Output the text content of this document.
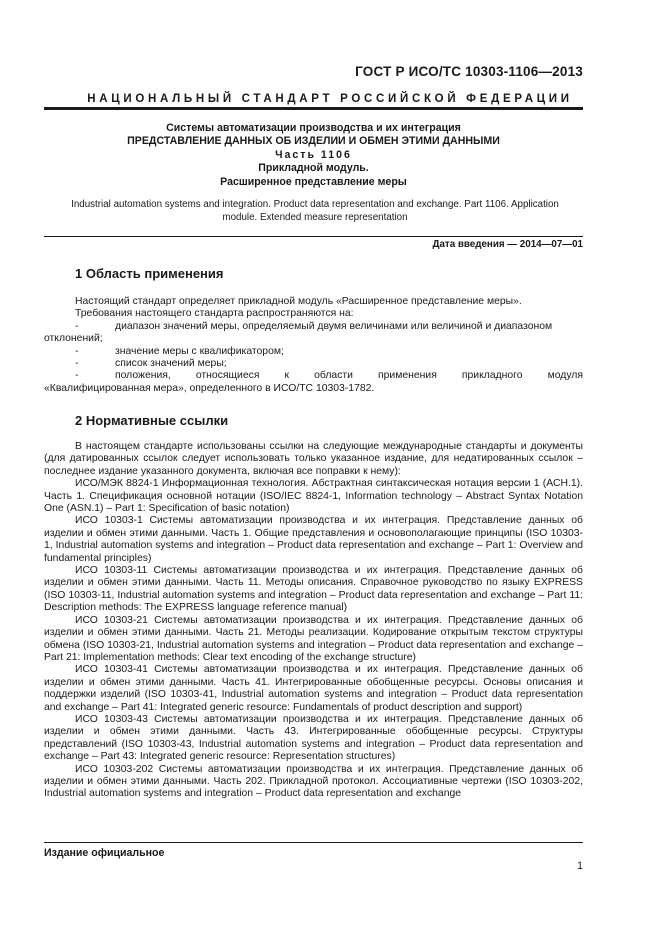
ГОСТ Р ИСО/ТС 10303-1106—2013
НАЦИОНАЛЬНЫЙ СТАНДАРТ РОССИЙСКОЙ ФЕДЕРАЦИИ
Системы автоматизации производства и их интеграция
ПРЕДСТАВЛЕНИЕ ДАННЫХ ОБ ИЗДЕЛИИ И ОБМЕН ЭТИМИ ДАННЫМИ
Часть 1106
Прикладной модуль.
Расширенное представление меры
Industrial automation systems and integration. Product data representation and exchange. Part 1106. Application module. Extended measure representation
Дата введения — 2014—07—01
1 Область применения

Настоящий стандарт определяет прикладной модуль «Расширенное представление меры».

Требования настоящего стандарта распространяются на:

-	диапазон значений меры, определяемый двумя величинами или величиной и диапазоном

отклонений;

-	значение меры с квалификатором;
-	список значений меры;
-	положения, относящиеся к области применения прикладного модуля

«Квалифицированная мера», определенного в ИСО/ТС 10303-1782.

2 Нормативные ссылки

В настоящем стандарте использованы ссылки на следующие международные стандарты и документы (для датированных ссылок следует использовать только указанное издание, для недатированных ссылок – последнее издание указанного документа, включая все поправки к нему):

ИСО/МЭК 8824-1 Информационная технология. Абстрактная синтаксическая нотация версии 1 (АСН.1). Часть 1. Спецификация основной нотации (ISO/IEC 8824-1, Information technology – Abstract Syntax Notation One (ASN.1) – Part 1: Specification of basic notation)

ИСО 10303-1 Системы автоматизации производства и их интеграция. Представление данных об изделии и обмен этими данными. Часть 1. Общие представления и основополагающие принципы (ISO 10303-1, Industrial automation systems and integration – Product data representation and exchange – Part 1: Overview and fundamental principles)

ИСО 10303-11 Системы автоматизации производства и их интеграция. Представление данных об изделии и обмен этими данными. Часть 11. Методы описания. Справочное руководство по языку EXPRESS (ISO 10303-11, Industrial automation systems and integration – Product data representation and exchange – Part 11: Description methods: The EXPRESS language reference manual)

ИСО 10303-21 Системы автоматизации производства и их интеграция. Представление данных об изделии и обмен этими данными. Часть 21. Методы реализации. Кодирование открытым текстом структуры обмена (ISO 10303-21, Industrial automation systems and integration – Product data representation and exchange – Part 21: Implementation methods: Clear text encoding of the exchange structure)

ИСО 10303-41 Системы автоматизации производства и их интеграция. Представление данных об изделии и обмен этими данными. Часть 41. Интегрированные обобщенные ресурсы. Основы описания и поддержки изделий (ISO 10303-41, Industrial automation systems and integration – Product data representation and exchange – Part 41: Integrated generic resource: Fundamentals of product description and support)

ИСО 10303-43 Системы автоматизации производства и их интеграция. Представление данных об изделии и обмен этими данными. Часть 43. Интегрированные обобщенные ресурсы. Структуры представлений (ISO 10303-43, Industrial automation systems and integration – Product data representation and exchange – Part 43: Integrated generic resource: Representation structures)

ИСО 10303-202 Системы автоматизации производства и их интеграция. Представление данных об изделии и обмен этими данными. Часть 202. Прикладной протокол. Ассоциативные чертежи (ISO 10303-202, Industrial automation systems and integration – Product data representation and exchange

Издание официальное
1
